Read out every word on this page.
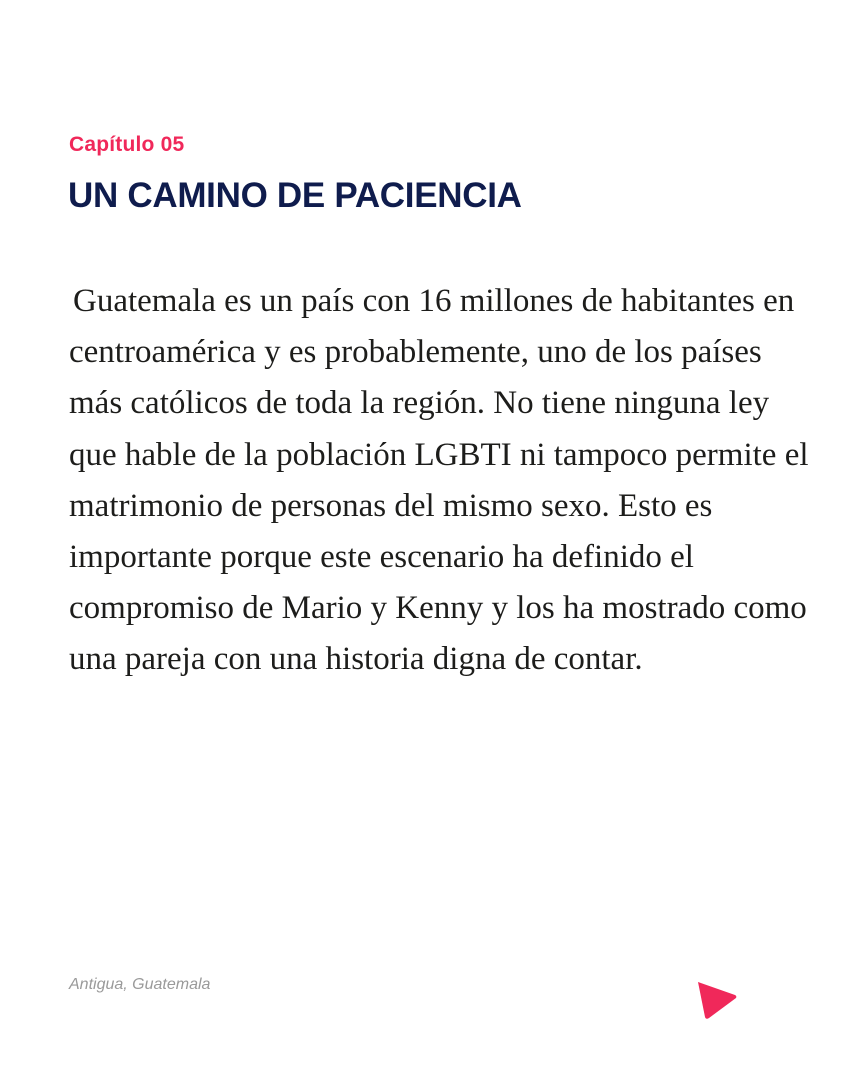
Capítulo 05
UN CAMINO DE PACIENCIA

Guatemala es un país con 16 millones de habitantes en centroamérica y es probablemente, uno de los países más católicos de toda la región. No tiene ninguna ley que hable de la población LGBTI ni tampoco permite el matrimonio de personas del mismo sexo. Esto es importante porque este escenario ha definido el compromiso de Mario y Kenny y los ha mostrado como una pareja con una historia digna de contar.

Antigua, Guatemala
